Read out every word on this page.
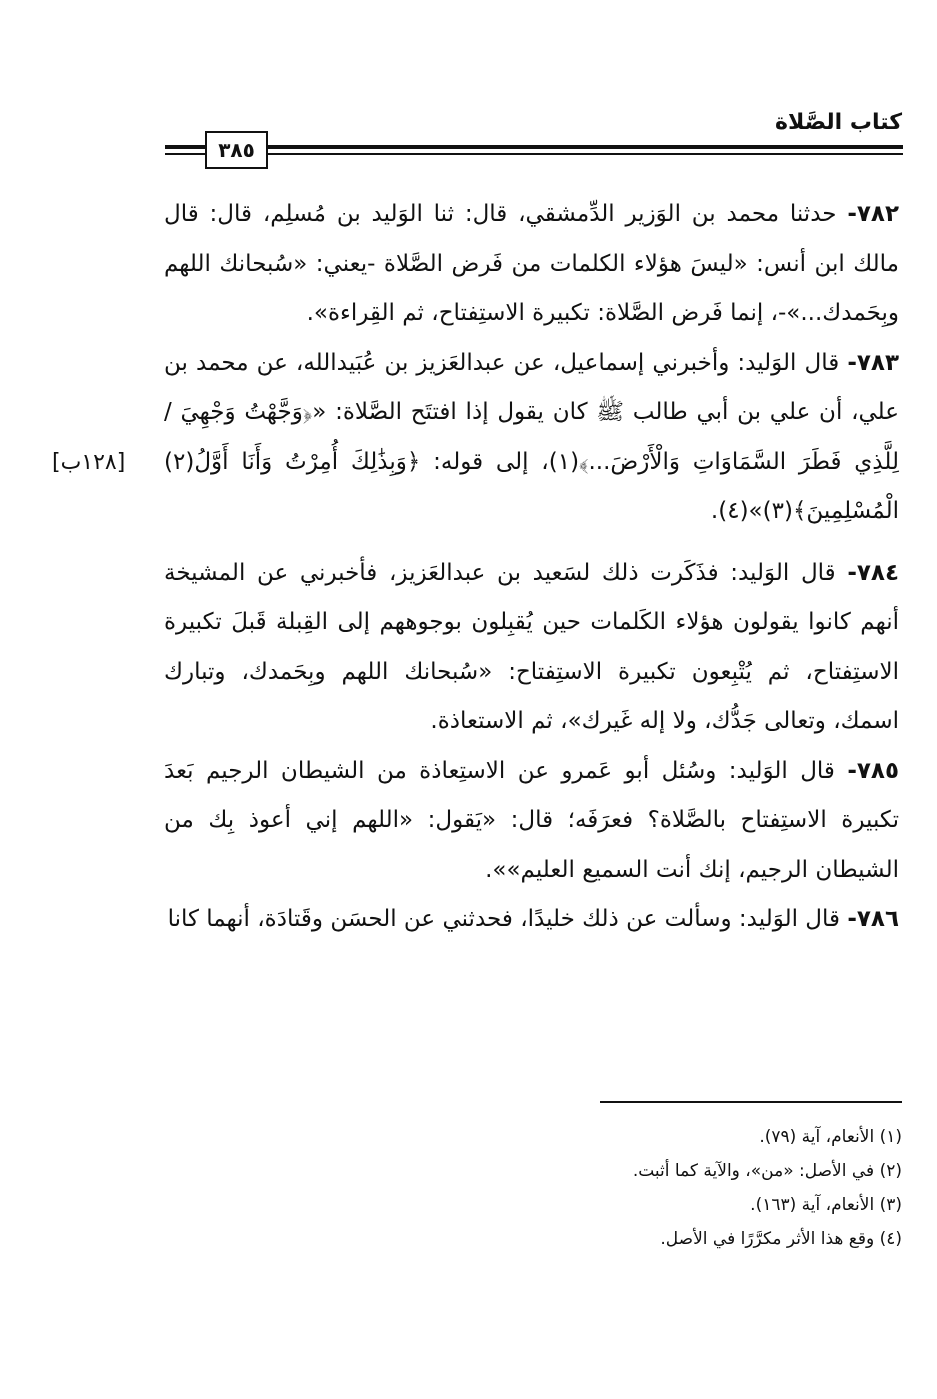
كتاب الصَّلاة
٣٨٥
[١٢٨ب]

٧٨٢- حدثنا محمد بن الوَزير الدِّمشقي، قال: ثنا الوَليد بن مُسلِم، قال: قال مالك ابن أنس: «ليسَ هؤلاء الكلمات من فَرض الصَّلاة -يعني: «سُبحانك اللهم وبِحَمدك...»-، إنما فَرض الصَّلاة: تكبيرة الاستِفتاح، ثم القِراءة».

٧٨٣- قال الوَليد: وأخبرني إسماعيل، عن عبدالعَزيز بن عُبَيدالله، عن محمد بن علي، أن علي بن أبي طالب ﷺ كان يقول إذا افتتَح الصَّلاة: «﴿وَجَّهْتُ وَجْهِيَ / لِلَّذِي فَطَرَ السَّمَاوَاتِ وَالْأَرْضَ...﴾(١)، إلى قوله: ﴿وَبِذَٰلِكَ أُمِرْتُ وَأَنَا أَوَّلُ(٢) الْمُسْلِمِينَ﴾(٣)»(٤).

٧٨٤- قال الوَليد: فذَكَرت ذلك لسَعيد بن عبدالعَزيز، فأخبرني عن المشيخة أنهم كانوا يقولون هؤلاء الكَلمات حين يُقبِلون بوجوههم إلى القِبلة قَبلَ تكبيرة الاستِفتاح، ثم يُتْبِعون تكبيرة الاستِفتاح: «سُبحانك اللهم وبِحَمدك، وتبارك اسمك، وتعالى جَدُّك، ولا إله غَيرك»، ثم الاستعاذة.

٧٨٥- قال الوَليد: وسُئل أبو عَمرو عن الاستِعاذة من الشيطان الرجيم بَعدَ تكبيرة الاستِفتاح بالصَّلاة؟ فعرَفَه؛ قال: «يَقول: «اللهم إني أعوذ بِك من الشيطان الرجيم، إنك أنت السميع العليم»».

٧٨٦- قال الوَليد: وسألت عن ذلك خليدًا، فحدثني عن الحسَن وقَتادَة، أنهما كانا

(١) الأنعام، آية (٧٩).

(٢) في الأصل: «من»، والآية كما أثبت.

(٣) الأنعام، آية (١٦٣).

(٤) وقع هذا الأثر مكرَّرًا في الأصل.
